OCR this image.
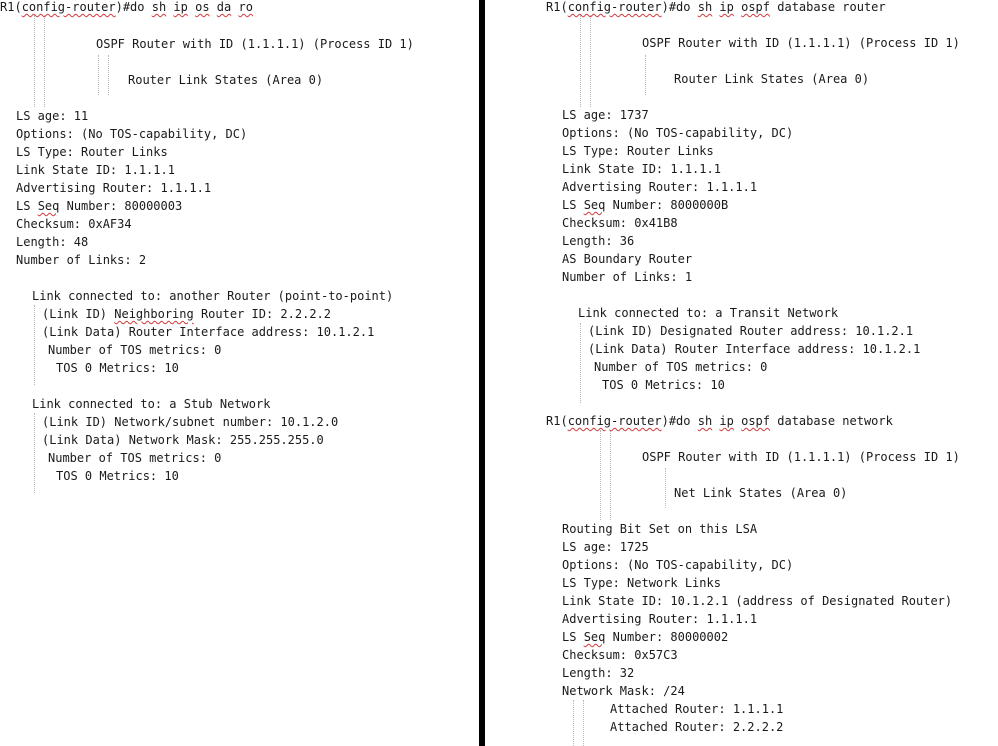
R1(config-router)#do sh ip os da ro
OSPF Router with ID (1.1.1.1) (Process ID 1)
Router Link States (Area 0)
LS age: 11
Options: (No TOS-capability, DC)
LS Type: Router Links
Link State ID: 1.1.1.1
Advertising Router: 1.1.1.1
LS Seq Number: 80000003
Checksum: 0xAF34
Length: 48
Number of Links: 2
Link connected to: another Router (point-to-point)
(Link ID) Neighboring Router ID: 2.2.2.2
(Link Data) Router Interface address: 10.1.2.1
Number of TOS metrics: 0
TOS 0 Metrics: 10
Link connected to: a Stub Network
(Link ID) Network/subnet number: 10.1.2.0
(Link Data) Network Mask: 255.255.255.0
Number of TOS metrics: 0
TOS 0 Metrics: 10
R1(config-router)#do sh ip ospf database router
OSPF Router with ID (1.1.1.1) (Process ID 1)
Router Link States (Area 0)
LS age: 1737
Options: (No TOS-capability, DC)
LS Type: Router Links
Link State ID: 1.1.1.1
Advertising Router: 1.1.1.1
LS Seq Number: 8000000B
Checksum: 0x41B8
Length: 36
AS Boundary Router
Number of Links: 1
Link connected to: a Transit Network
(Link ID) Designated Router address: 10.1.2.1
(Link Data) Router Interface address: 10.1.2.1
Number of TOS metrics: 0
TOS 0 Metrics: 10
R1(config-router)#do sh ip ospf database network
OSPF Router with ID (1.1.1.1) (Process ID 1)
Net Link States (Area 0)
Routing Bit Set on this LSA
LS age: 1725
Options: (No TOS-capability, DC)
LS Type: Network Links
Link State ID: 10.1.2.1 (address of Designated Router)
Advertising Router: 1.1.1.1
LS Seq Number: 80000002
Checksum: 0x57C3
Length: 32
Network Mask: /24
Attached Router: 1.1.1.1
Attached Router: 2.2.2.2
